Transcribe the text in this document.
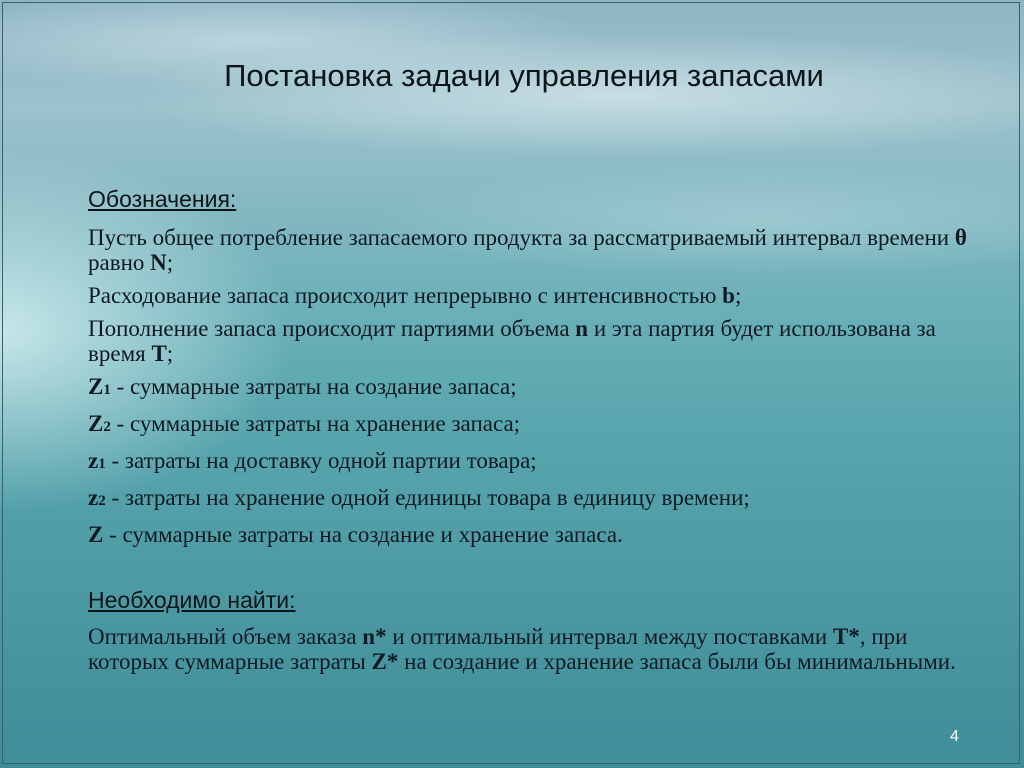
Постановка задачи управления запасами

Обозначения:

Пусть общее потребление запасаемого продукта за рассматриваемый интервал времени θ равно N;

Расходование запаса происходит непрерывно с интенсивностью b;

Пополнение запаса происходит партиями объема n и эта партия будет использована за время T;

Z1 - суммарные затраты на создание запаса;

Z2 - суммарные затраты на хранение запаса;

z1 - затраты на доставку одной партии товара;

z2 - затраты на хранение одной единицы товара в единицу времени;

Z - суммарные затраты на создание и хранение запаса.

Необходимо найти:

Оптимальный объем заказа n* и оптимальный интервал между поставками T*, при которых суммарные затраты Z* на создание и хранение запаса были бы минимальными.

4
